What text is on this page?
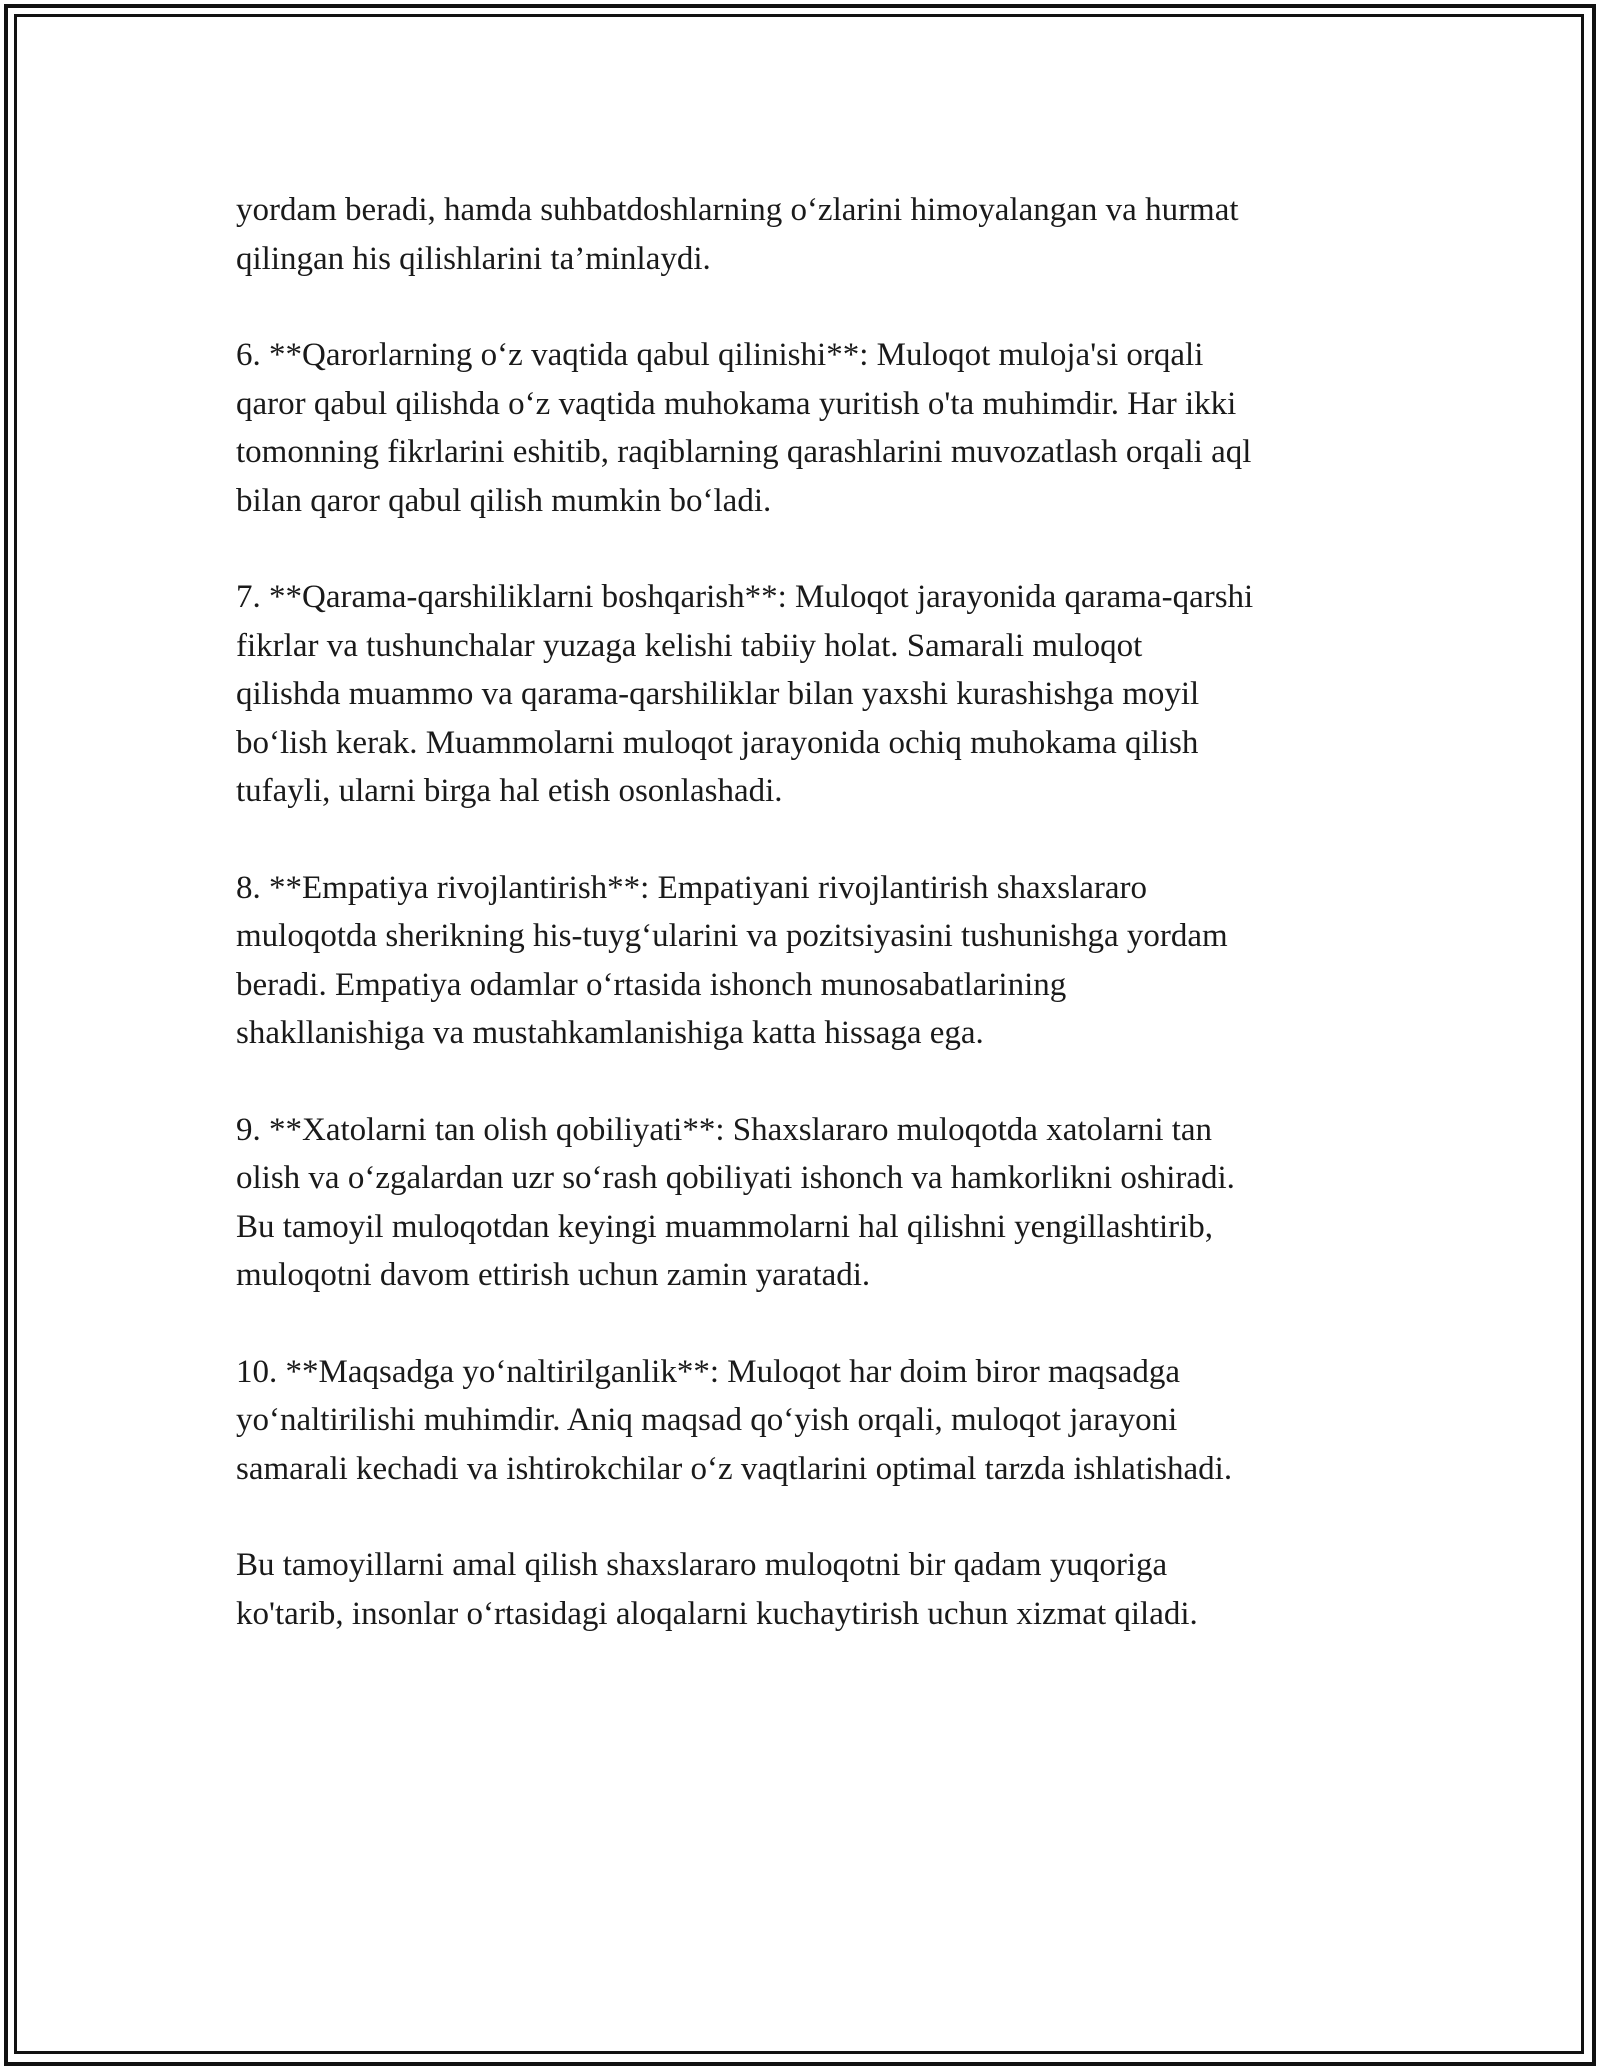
yordam beradi, hamda suhbatdoshlarning o‘zlarini himoyalangan va hurmat
qilingan his qilishlarini ta’minlaydi.

6. **Qarorlarning o‘z vaqtida qabul qilinishi**: Muloqot muloja'si orqali
qaror qabul qilishda o‘z vaqtida muhokama yuritish o'ta muhimdir. Har ikki
tomonning fikrlarini eshitib, raqiblarning qarashlarini muvozatlash orqali aql
bilan qaror qabul qilish mumkin bo‘ladi.

7. **Qarama-qarshiliklarni boshqarish**: Muloqot jarayonida qarama-qarshi
fikrlar va tushunchalar yuzaga kelishi tabiiy holat. Samarali muloqot
qilishda muammo va qarama-qarshiliklar bilan yaxshi kurashishga moyil
bo‘lish kerak. Muammolarni muloqot jarayonida ochiq muhokama qilish
tufayli, ularni birga hal etish osonlashadi.

8. **Empatiya rivojlantirish**: Empatiyani rivojlantirish shaxslararo
muloqotda sherikning his-tuyg‘ularini va pozitsiyasini tushunishga yordam
beradi. Empatiya odamlar o‘rtasida ishonch munosabatlarining
shakllanishiga va mustahkamlanishiga katta hissaga ega.

9. **Xatolarni tan olish qobiliyati**: Shaxslararo muloqotda xatolarni tan
olish va o‘zgalardan uzr so‘rash qobiliyati ishonch va hamkorlikni oshiradi.
Bu tamoyil muloqotdan keyingi muammolarni hal qilishni yengillashtirib,
muloqotni davom ettirish uchun zamin yaratadi.

10. **Maqsadga yo‘naltirilganlik**: Muloqot har doim biror maqsadga
yo‘naltirilishi muhimdir. Aniq maqsad qo‘yish orqali, muloqot jarayoni
samarali kechadi va ishtirokchilar o‘z vaqtlarini optimal tarzda ishlatishadi.

Bu tamoyillarni amal qilish shaxslararo muloqotni bir qadam yuqoriga
ko'tarib, insonlar o‘rtasidagi aloqalarni kuchaytirish uchun xizmat qiladi.
